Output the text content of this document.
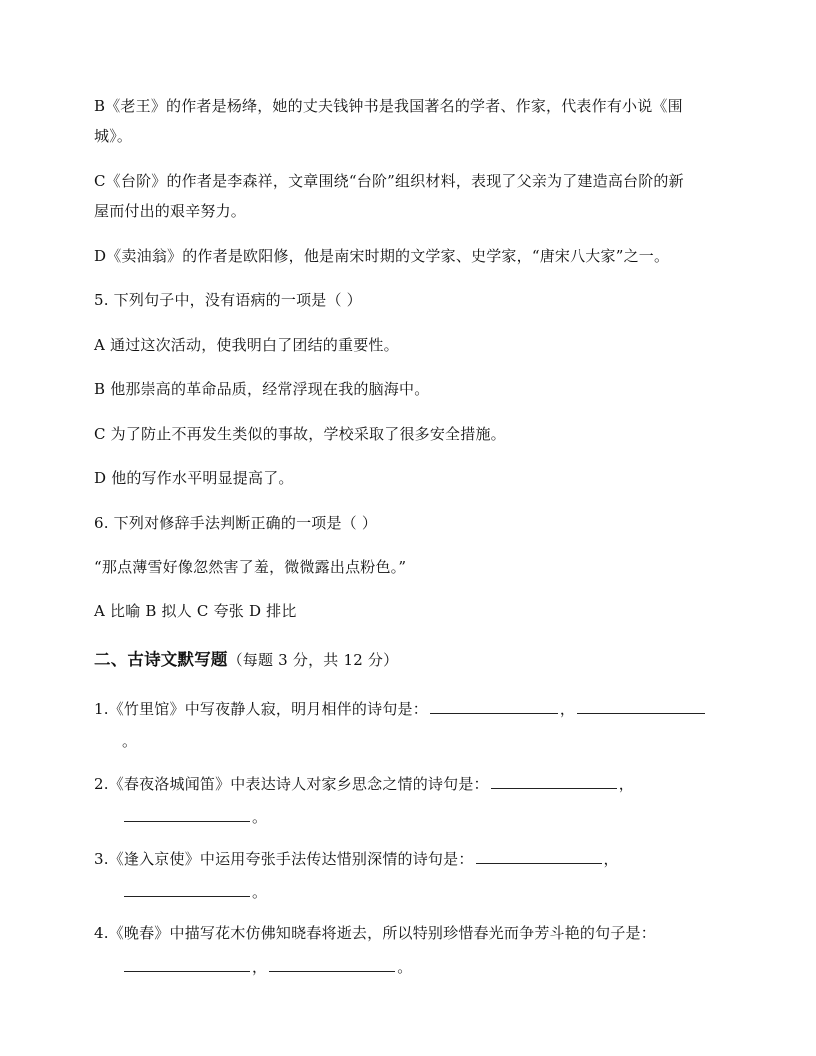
B《老王》的作者是杨绛，她的丈夫钱钟书是我国著名的学者、作家，代表作有小说《围
城》。
C《台阶》的作者是李森祥，文章围绕“台阶”组织材料，表现了父亲为了建造高台阶的新
屋而付出的艰辛努力。
D《卖油翁》的作者是欧阳修，他是南宋时期的文学家、史学家，“唐宋八大家”之一。
5. 下列句子中，没有语病的一项是（ ）
A 通过这次活动，使我明白了团结的重要性。
B 他那崇高的革命品质，经常浮现在我的脑海中。
C 为了防止不再发生类似的事故，学校采取了很多安全措施。
D 他的写作水平明显提高了。
6. 下列对修辞手法判断正确的一项是（ ）
“那点薄雪好像忽然害了羞，微微露出点粉色。”
A 比喻 B 拟人 C 夸张 D 排比
二、古诗文默写题（每题 3 分，共 12 分）
1.《竹里馆》中写夜静人寂，明月相伴的诗句是：	，
。
2.《春夜洛城闻笛》中表达诗人对家乡思念之情的诗句是：	，
。
3.《逢入京使》中运用夸张手法传达惜别深情的诗句是：	，
。
4.《晚春》中描写花木仿佛知晓春将逝去，所以特别珍惜春光而争芳斗艳的句子是：
，	。
